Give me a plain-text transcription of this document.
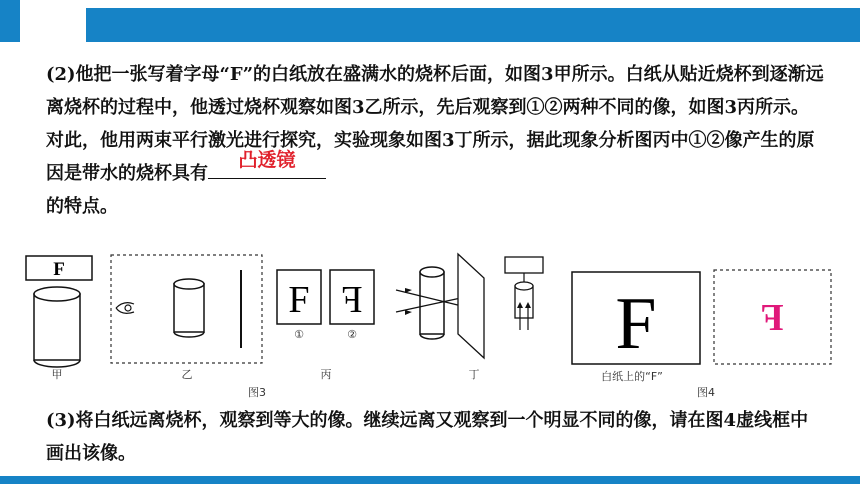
(2)他把一张写着字母“F”的白纸放在盛满水的烧杯后面，如图3甲所示。白纸从贴近烧杯到逐渐远离烧杯的过程中，他透过烧杯观察如图3乙所示，先后观察到①②两种不同的像，如图3丙所示。对此，他用两束平行激光进行探究，实验现象如图3丁所示，据此现象分析图丙中①②像产生的原因是带水的烧杯具有
凸透镜

的特点。
F
甲	乙
F F
①	②
丙	丁
图3
F
白纸上的“F”
图4
F
(3)将白纸远离烧杯，观察到等大的像。继续远离又观察到一个明显不同的像，请在图4虚线框中画出该像。
